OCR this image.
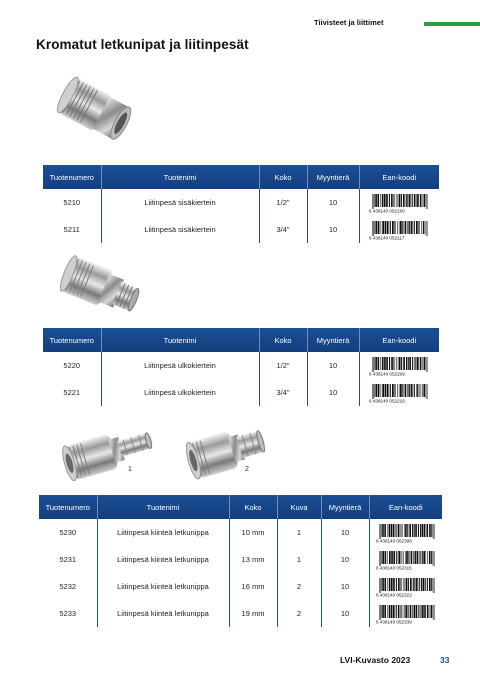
Tiivisteet ja liittimet
Kromatut letkunipat ja liitinpesät
Tuotenumero	Tuotenimi	Koko	Myyntierä	Ean-koodi
5210	Liitinpesä sisäkiertein	1/2"	10	6 438140 052100

5211	Liitinpesä sisäkiertein	3/4"	10	6 438140 052117
Tuotenumero	Tuotenimi	Koko	Myyntierä	Ean-koodi
5220	Liitinpesä ulkokiertein	1/2"	10	6 438140 052209

5221	Liitinpesä ulkokiertein	3/4"	10	6 438140 052216
1	2
Tuotenumero	Tuotenimi	Koko	Kuva	Myyntierä	Ean-koodi
5230	Liitinpesä kiinteä letkunippa	10 mm	1	10	6 438140 052308

5231	Liitinpesä kiinteä letkunippa	13 mm	1	10	6 438140 052315

5232	Liitinpesä kiinteä letkunippa	16 mm	2	10	6 438140 052322

5233	Liitinpesä kiinteä letkunippa	19 mm	2	10	6 438140 052339
LVI-Kuvasto 2023	33
